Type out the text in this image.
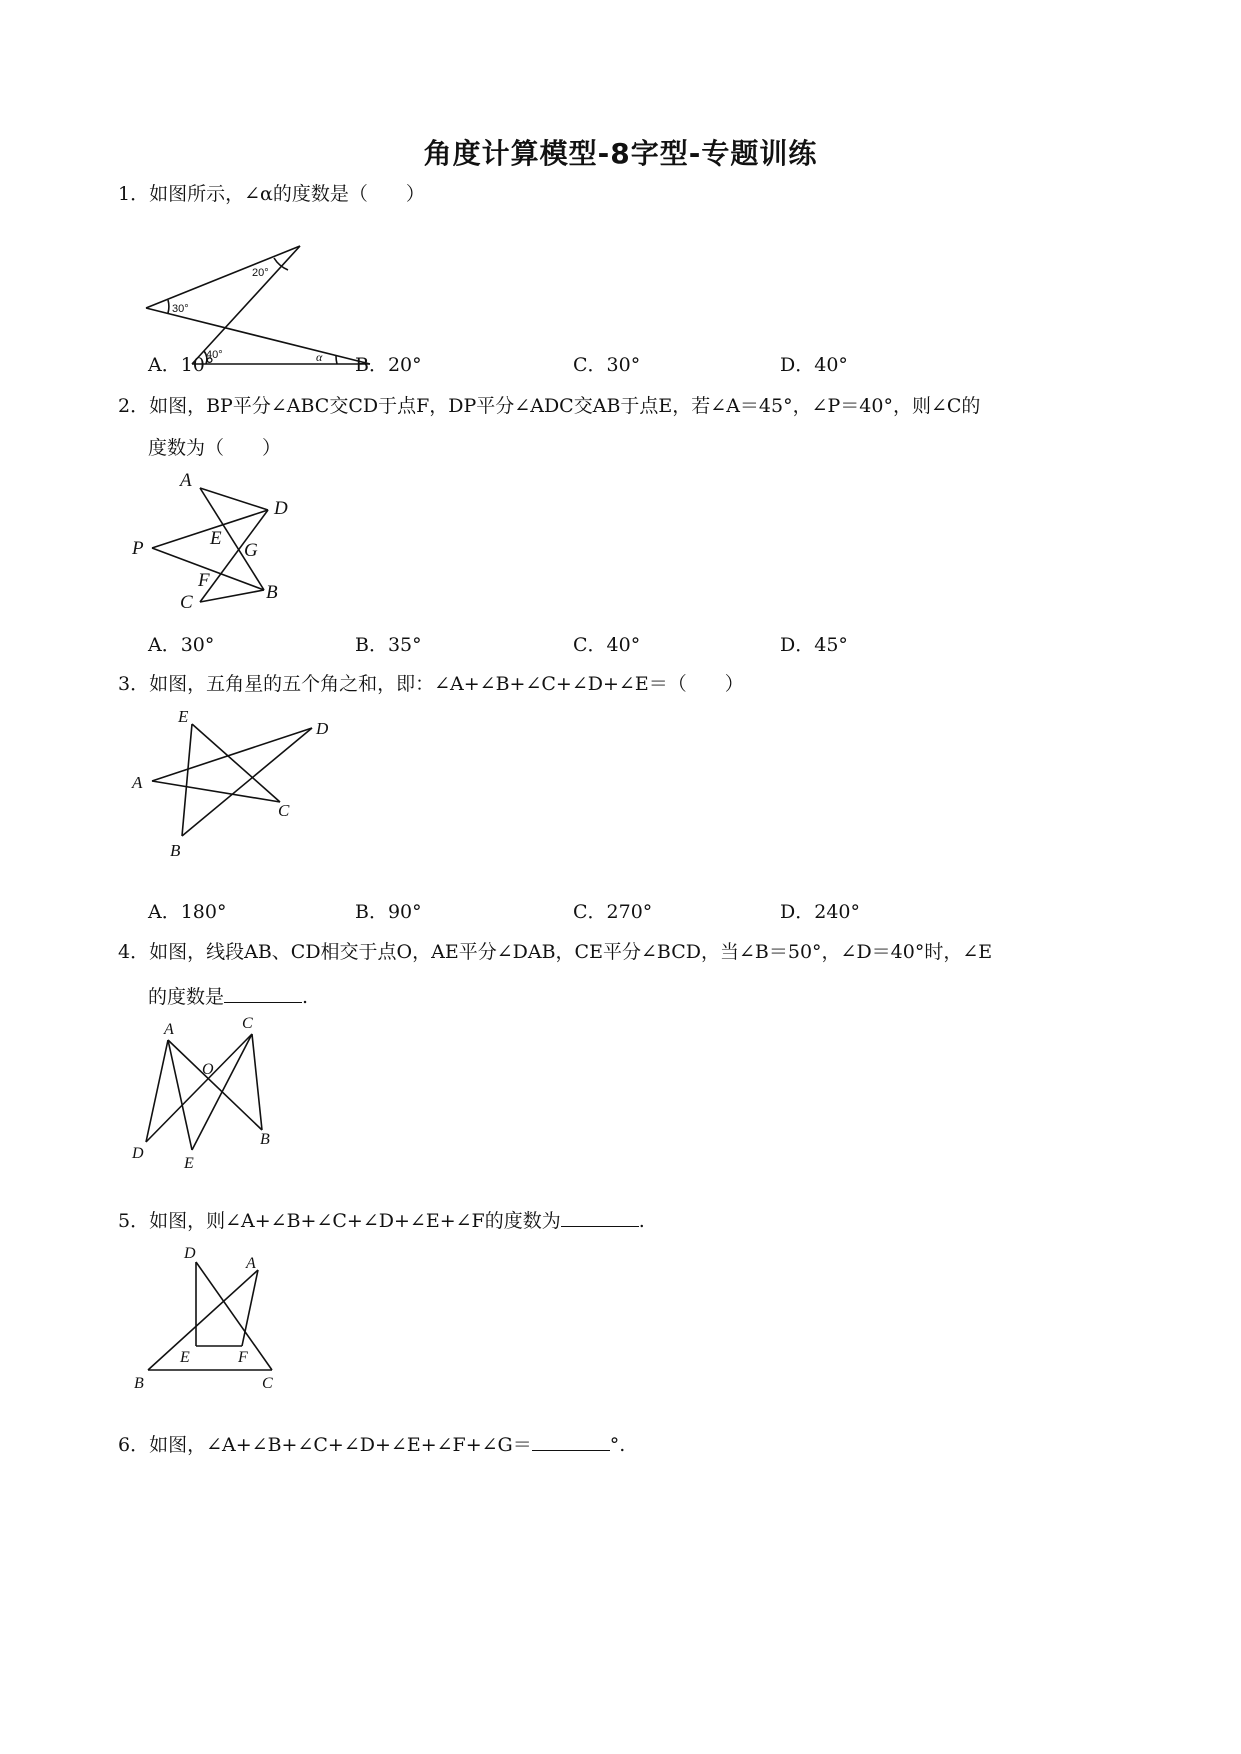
角度计算模型-8字型-专题训练
1．如图所示，∠α的度数是（　　）
30°
20°
40°	α
A．10°	B．20°	C．30°	D．40°
2．如图，BP平分∠ABC交CD于点F，DP平分∠ADC交AB于点E，若∠A＝45°，∠P＝40°，则∠C的
度数为（　　）
A
D
P	E
G
F
C	B
A．30°	B．35°	C．40°	D．45°
3．如图，五角星的五个角之和，即：∠A+∠B+∠C+∠D+∠E＝（　　）
E
D
A
C
B
A．180°	B．90°	C．270°	D．240°
4．如图，线段AB、CD相交于点O，AE平分∠DAB，CE平分∠BCD，当∠B＝50°，∠D＝40°时，∠E
的度数是	.
A	C
O
D
E
B
5．如图，则∠A+∠B+∠C+∠D+∠E+∠F的度数为	.
D
A
E	F
B	C
6．如图，∠A+∠B+∠C+∠D+∠E+∠F+∠G＝	°.
